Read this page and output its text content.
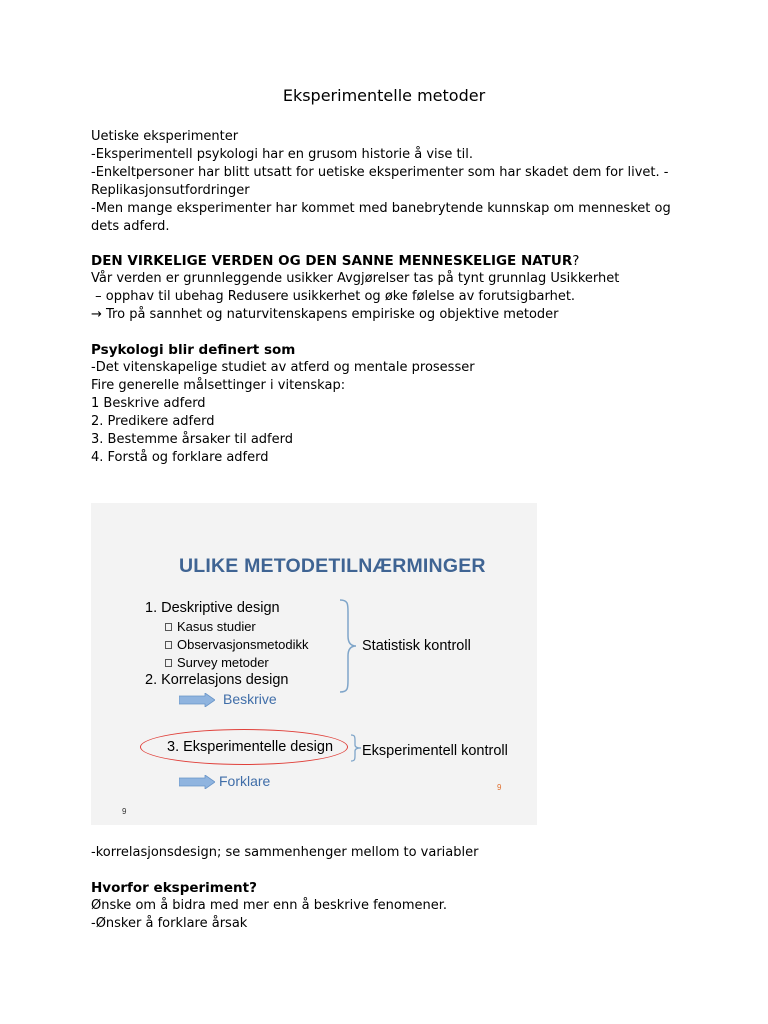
Eksperimentelle metoder
Uetiske eksperimenter
-Eksperimentell psykologi har en grusom historie å vise til.
-Enkeltpersoner har blitt utsatt for uetiske eksperimenter som har skadet dem for livet. -
Replikasjonsutfordringer
-Men mange eksperimenter har kommet med banebrytende kunnskap om mennesket og
dets adferd.
DEN VIRKELIGE VERDEN OG DEN SANNE MENNESKELIGE NATUR?
Vår verden er grunnleggende usikker Avgjørelser tas på tynt grunnlag Usikkerhet
– opphav til ubehag Redusere usikkerhet og øke følelse av forutsigbarhet.
→ Tro på sannhet og naturvitenskapens empiriske og objektive metoder
Psykologi blir definert som
-Det vitenskapelige studiet av atferd og mentale prosesser
Fire generelle målsettinger i vitenskap:
1 Beskrive adferd
2. Predikere adferd
3. Bestemme årsaker til adferd
4. Forstå og forklare adferd
ULIKE METODETILNÆRMINGER
1. Deskriptive design
Kasus studier
Observasjonsmetodikk
Survey metoder
2. Korrelasjons design
Beskrive
3. Eksperimentelle design
Forklare
Statistisk kontroll
Eksperimentell kontroll
9
9
-korrelasjonsdesign; se sammenhenger mellom to variabler
Hvorfor eksperiment?
Ønske om å bidra med mer enn å beskrive fenomener.
-Ønsker å forklare årsak
